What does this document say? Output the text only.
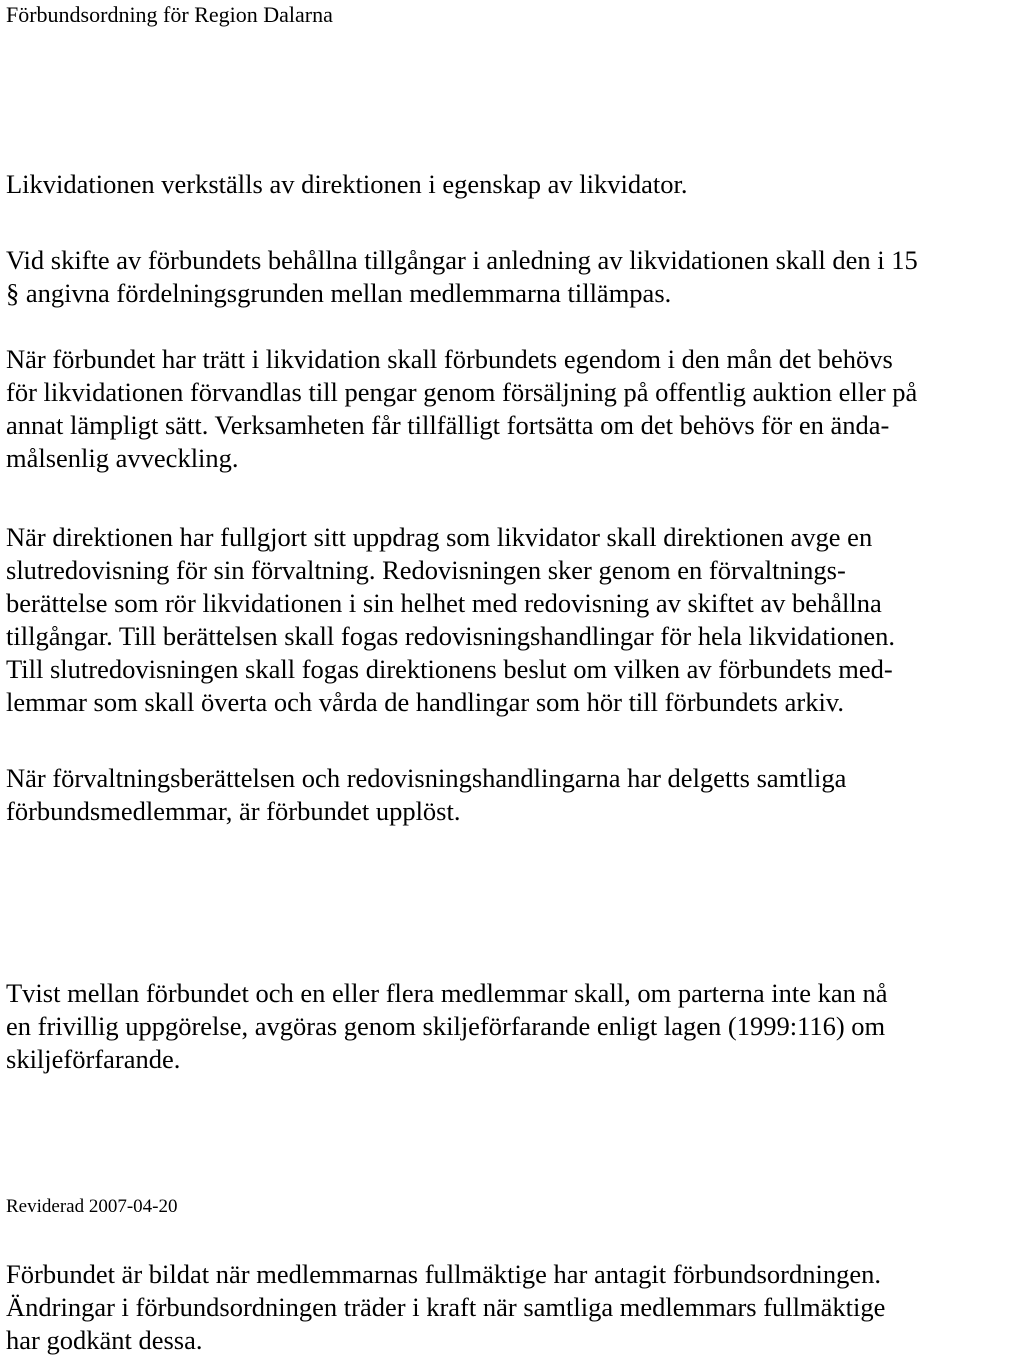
Förbundsordning för Region Dalarna

Likvidationen verkställs av direktionen i egenskap av likvidator.

Vid skifte av förbundets behållna tillgångar i anledning av likvidationen skall den i 15
§ angivna fördelningsgrunden mellan medlemmarna tillämpas.

När förbundet har trätt i likvidation skall förbundets egendom i den mån det behövs
för likvidationen förvandlas till pengar genom försäljning på offentlig auktion eller på
annat lämpligt sätt. Verksamheten får tillfälligt fortsätta om det behövs för en ända-
målsenlig avveckling.

När direktionen har fullgjort sitt uppdrag som likvidator skall direktionen avge en
slutredovisning för sin förvaltning. Redovisningen sker genom en förvaltnings-
berättelse som rör likvidationen i sin helhet med redovisning av skiftet av behållna
tillgångar. Till berättelsen skall fogas redovisningshandlingar för hela likvidationen.
Till slutredovisningen skall fogas direktionens beslut om vilken av förbundets med-
lemmar som skall överta och vårda de handlingar som hör till förbundets arkiv.

När förvaltningsberättelsen och redovisningshandlingarna har delgetts samtliga
förbundsmedlemmar, är förbundet upplöst.

Tvist mellan förbundet och en eller flera medlemmar skall, om parterna inte kan nå
en frivillig uppgörelse, avgöras genom skiljeförfarande enligt lagen (1999:116) om
skiljeförfarande.

Reviderad 2007-04-20

Förbundet är bildat när medlemmarnas fullmäktige har antagit förbundsordningen.
Ändringar i förbundsordningen träder i kraft när samtliga medlemmars fullmäktige
har godkänt dessa.
